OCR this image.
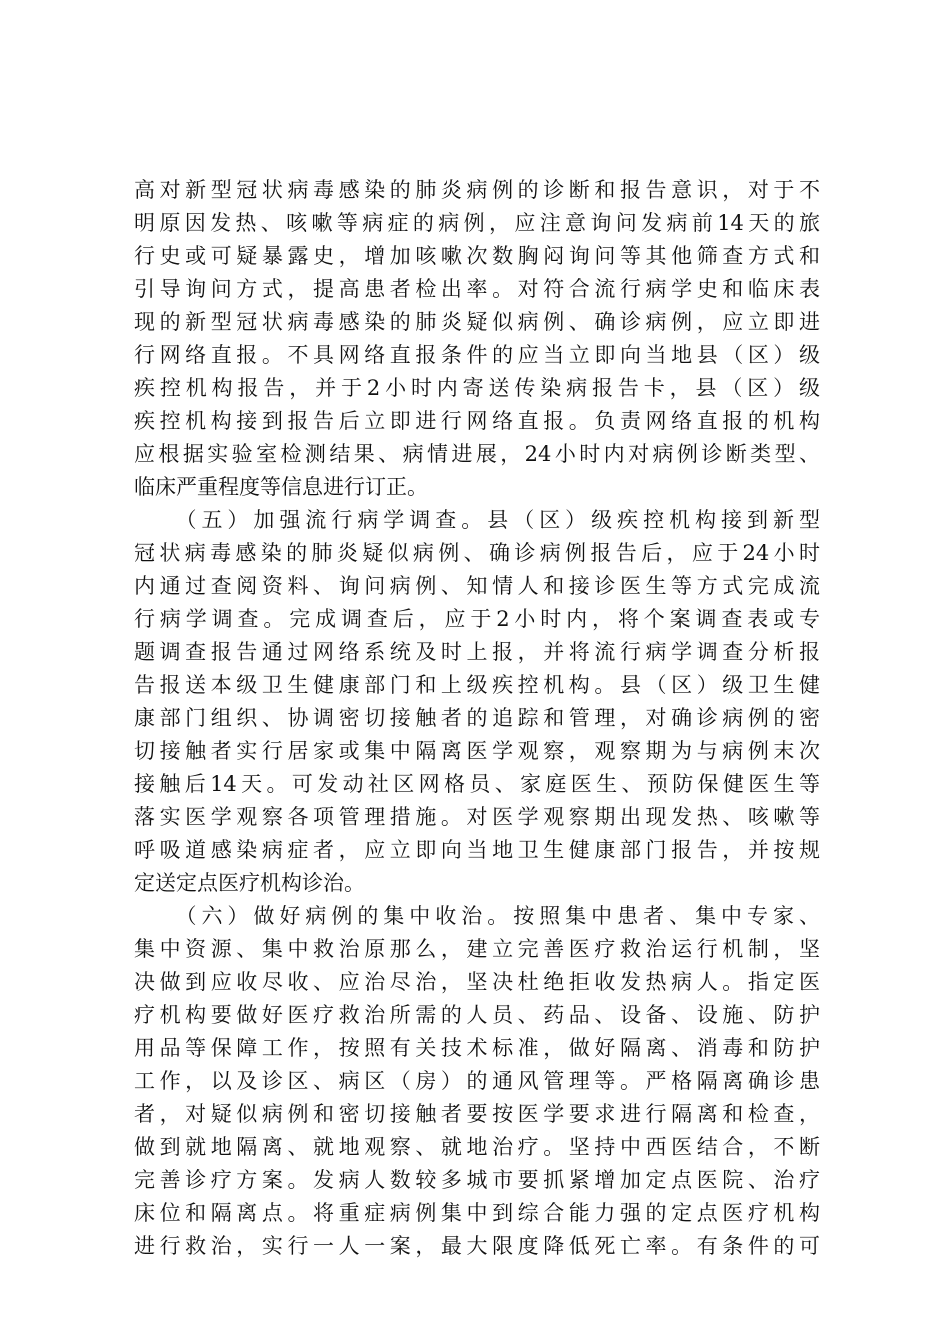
高对新型冠状病毒感染的肺炎病例的诊断和报告意识，对于不
明原因发热、咳嗽等病症的病例，应注意询问发病前14天的旅
行史或可疑暴露史，增加咳嗽次数胸闷询问等其他筛查方式和
引导询问方式，提高患者检出率。对符合流行病学史和临床表
现的新型冠状病毒感染的肺炎疑似病例、确诊病例，应立即进
行网络直报。不具网络直报条件的应当立即向当地县（区）级
疾控机构报告，并于2小时内寄送传染病报告卡，县（区）级
疾控机构接到报告后立即进行网络直报。负责网络直报的机构
应根据实验室检测结果、病情进展，24小时内对病例诊断类型、
临床严重程度等信息进行订正。
　　（五）加强流行病学调查。县（区）级疾控机构接到新型
冠状病毒感染的肺炎疑似病例、确诊病例报告后，应于24小时
内通过查阅资料、询问病例、知情人和接诊医生等方式完成流
行病学调查。完成调查后，应于2小时内，将个案调查表或专
题调查报告通过网络系统及时上报，并将流行病学调查分析报
告报送本级卫生健康部门和上级疾控机构。县（区）级卫生健
康部门组织、协调密切接触者的追踪和管理，对确诊病例的密
切接触者实行居家或集中隔离医学观察，观察期为与病例末次
接触后14天。可发动社区网格员、家庭医生、预防保健医生等
落实医学观察各项管理措施。对医学观察期出现发热、咳嗽等
呼吸道感染病症者，应立即向当地卫生健康部门报告，并按规
定送定点医疗机构诊治。
　　（六）做好病例的集中收治。按照集中患者、集中专家、
集中资源、集中救治原那么，建立完善医疗救治运行机制，坚
决做到应收尽收、应治尽治，坚决杜绝拒收发热病人。指定医
疗机构要做好医疗救治所需的人员、药品、设备、设施、防护
用品等保障工作，按照有关技术标准，做好隔离、消毒和防护
工作，以及诊区、病区（房）的通风管理等。严格隔离确诊患
者，对疑似病例和密切接触者要按医学要求进行隔离和检查，
做到就地隔离、就地观察、就地治疗。坚持中西医结合，不断
完善诊疗方案。发病人数较多城市要抓紧增加定点医院、治疗
床位和隔离点。将重症病例集中到综合能力强的定点医疗机构
进行救治，实行一人一案，最大限度降低死亡率。有条件的可
